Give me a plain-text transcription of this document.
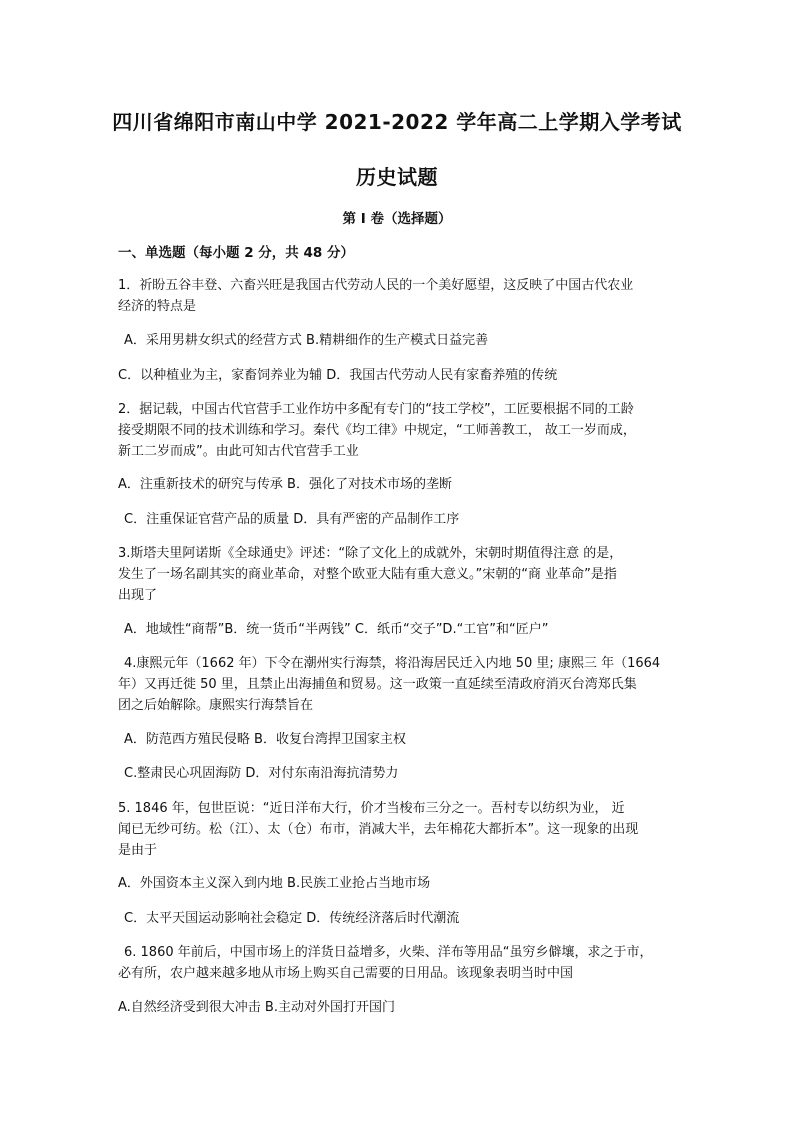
四川省绵阳市南山中学 2021-2022 学年高二上学期入学考试
历史试题
第 I 卷（选择题）
一、单选题（每小题 2 分，共 48 分）
1．祈盼五谷丰登、六畜兴旺是我国古代劳动人民的一个美好愿望，这反映了中国古代农业
经济的特点是
A．采用男耕女织式的经营方式 B.精耕细作的生产模式日益完善
C．以种植业为主，家畜饲养业为辅 D．我国古代劳动人民有家畜养殖的传统
2．据记载，中国古代官营手工业作坊中多配有专门的“技工学校”，工匠要根据不同的工龄
接受期限不同的技术训练和学习。秦代《均工律》中规定，“工师善教工， 故工一岁而成，
新工二岁而成”。由此可知古代官营手工业
A．注重新技术的研究与传承 B．强化了对技术市场的垄断
C．注重保证官营产品的质量 D．具有严密的产品制作工序
3.斯塔夫里阿诺斯《全球通史》评述：“除了文化上的成就外，宋朝时期值得注意 的是，
发生了一场名副其实的商业革命，对整个欧亚大陆有重大意义。”宋朝的“商 业革命”是指
出现了
A．地域性“商帮”B．统一货币“半两钱” C．纸币“交子”D.“工官”和“匠户”
4.康熙元年（1662 年）下令在潮州实行海禁，将沿海居民迁入内地 50 里; 康熙三 年（1664
年）又再迁徙 50 里，且禁止出海捕鱼和贸易。这一政策一直延续至清政府消灭台湾郑氏集
团之后始解除。康熙实行海禁旨在
A．防范西方殖民侵略 B．收复台湾捍卫国家主权
C.整肃民心巩固海防 D．对付东南沿海抗清势力
5. 1846 年，包世臣说：“近日洋布大行，价才当梭布三分之一。吾村专以纺织为业， 近
闻已无纱可纺。松（江）、太（仓）布市，消减大半，去年棉花大都折本”。这一现象的出现
是由于
A．外国资本主义深入到内地 B.民族工业抢占当地市场
C．太平天国运动影响社会稳定 D．传统经济落后时代潮流
6. 1860 年前后，中国市场上的洋货日益增多，火柴、洋布等用品“虽穷乡僻壤，求之于市，
必有所，农户越来越多地从市场上购买自己需要的日用品。该现象表明当时中国
A.自然经济受到很大冲击 B.主动对外国打开国门
